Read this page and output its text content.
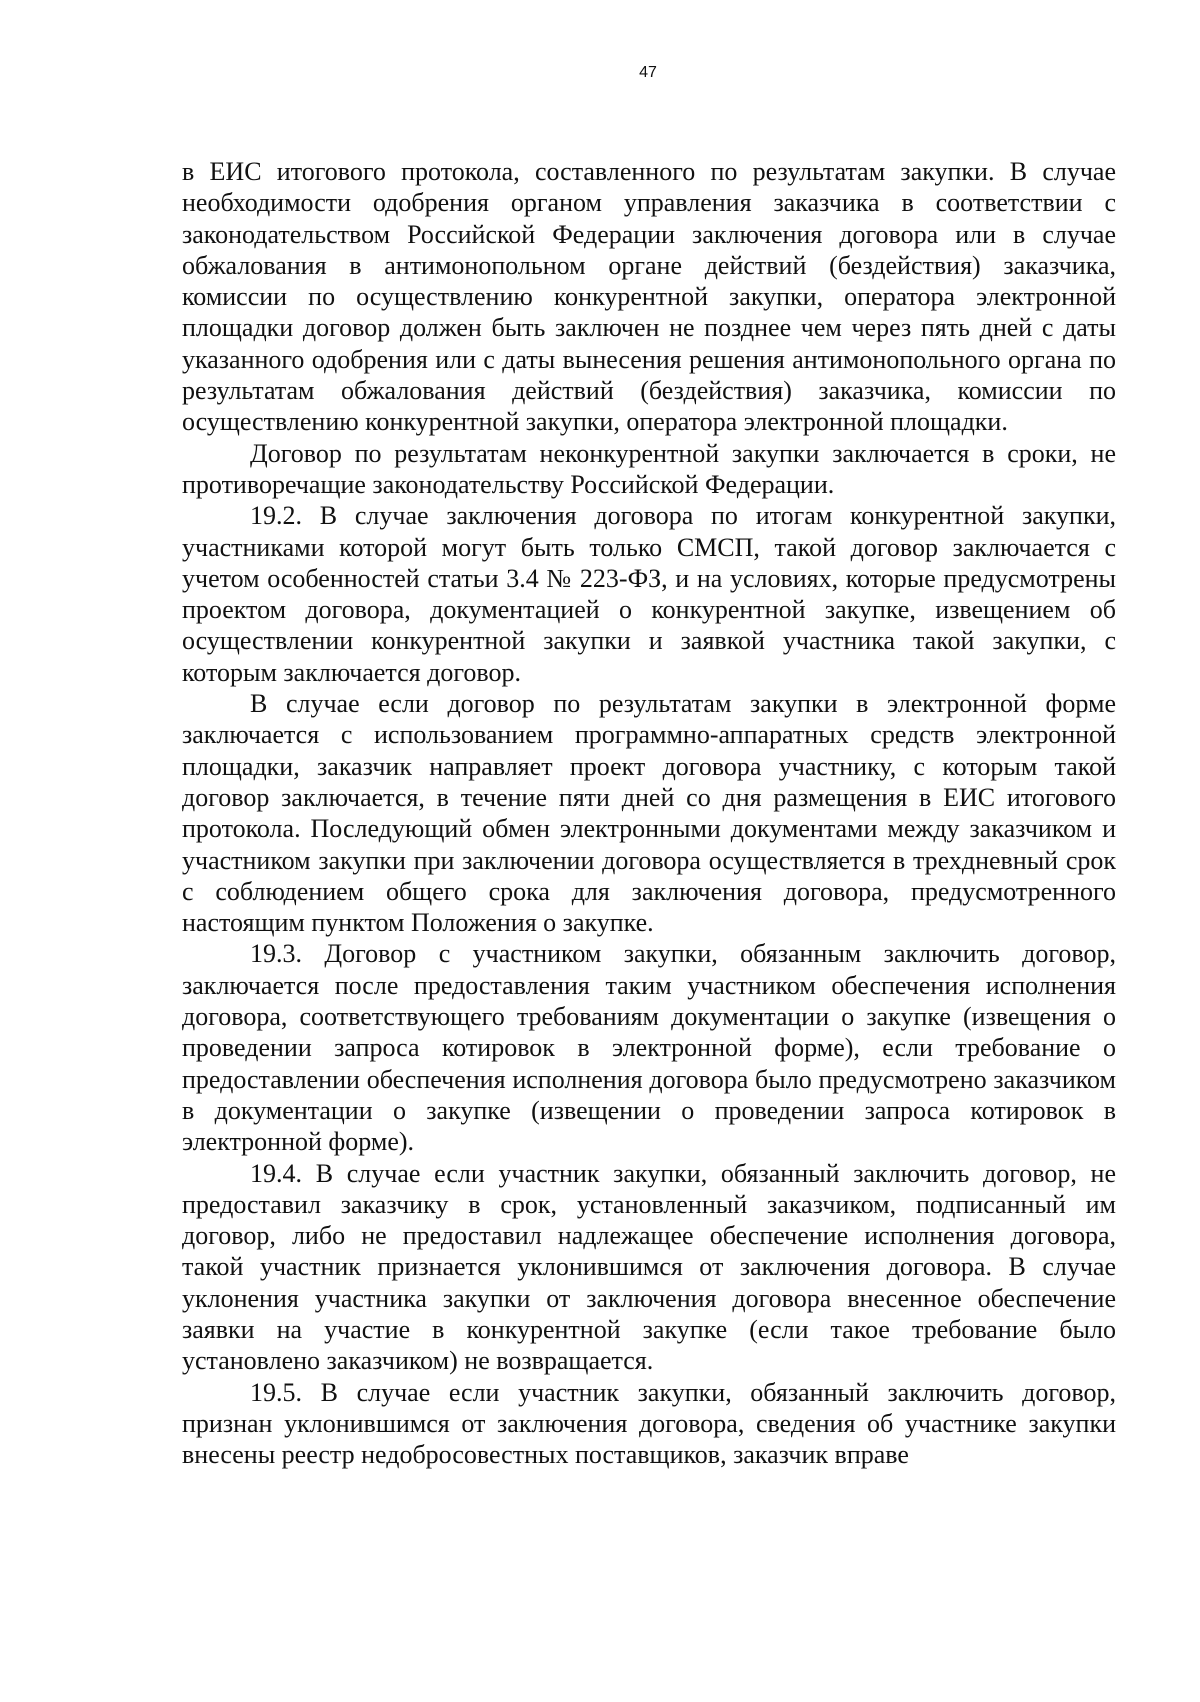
47

в ЕИС итогового протокола, составленного по результатам закупки. В случае необходимости одобрения органом управления заказчика в соответствии с законодательством Российской Федерации заключения договора или в случае обжалования в антимонопольном органе действий (бездействия) заказчика, комиссии по осуществлению конкурентной закупки, оператора электронной площадки договор должен быть заключен не позднее чем через пять дней с даты указанного одобрения или с даты вынесения решения антимонопольного органа по результатам обжалования действий (бездействия) заказчика, комиссии по осуществлению конкурентной закупки, оператора электронной площадки.

Договор по результатам неконкурентной закупки заключается в сроки, не противоречащие законодательству Российской Федерации.

19.2. В случае заключения договора по итогам конкурентной закупки, участниками которой могут быть только СМСП, такой договор заключается с учетом особенностей статьи 3.4 № 223-ФЗ, и на условиях, которые предусмотрены проектом договора, документацией о конкурентной закупке, извещением об осуществлении конкурентной закупки и заявкой участника такой закупки, с которым заключается договор.

В случае если договор по результатам закупки в электронной форме заключается с использованием программно-аппаратных средств электронной площадки, заказчик направляет проект договора участнику, с которым такой договор заключается, в течение пяти дней со дня размещения в ЕИС итогового протокола. Последующий обмен электронными документами между заказчиком и участником закупки при заключении договора осуществляется в трехдневный срок с соблюдением общего срока для заключения договора, предусмотренного настоящим пунктом Положения о закупке.

19.3. Договор с участником закупки, обязанным заключить договор, заключается после предоставления таким участником обеспечения исполнения договора, соответствующего требованиям документации о закупке (извещения о проведении запроса котировок в электронной форме), если требование о предоставлении обеспечения исполнения договора было предусмотрено заказчиком в документации о закупке (извещении о проведении запроса котировок в электронной форме).

19.4. В случае если участник закупки, обязанный заключить договор, не предоставил заказчику в срок, установленный заказчиком, подписанный им договор, либо не предоставил надлежащее обеспечение исполнения договора, такой участник признается уклонившимся от заключения договора. В случае уклонения участника закупки от заключения договора внесенное обеспечение заявки на участие в конкурентной закупке (если такое требование было установлено заказчиком) не возвращается.

19.5. В случае если участник закупки, обязанный заключить договор, признан уклонившимся от заключения договора, сведения об участнике закупки внесены реестр недобросовестных поставщиков, заказчик вправе
